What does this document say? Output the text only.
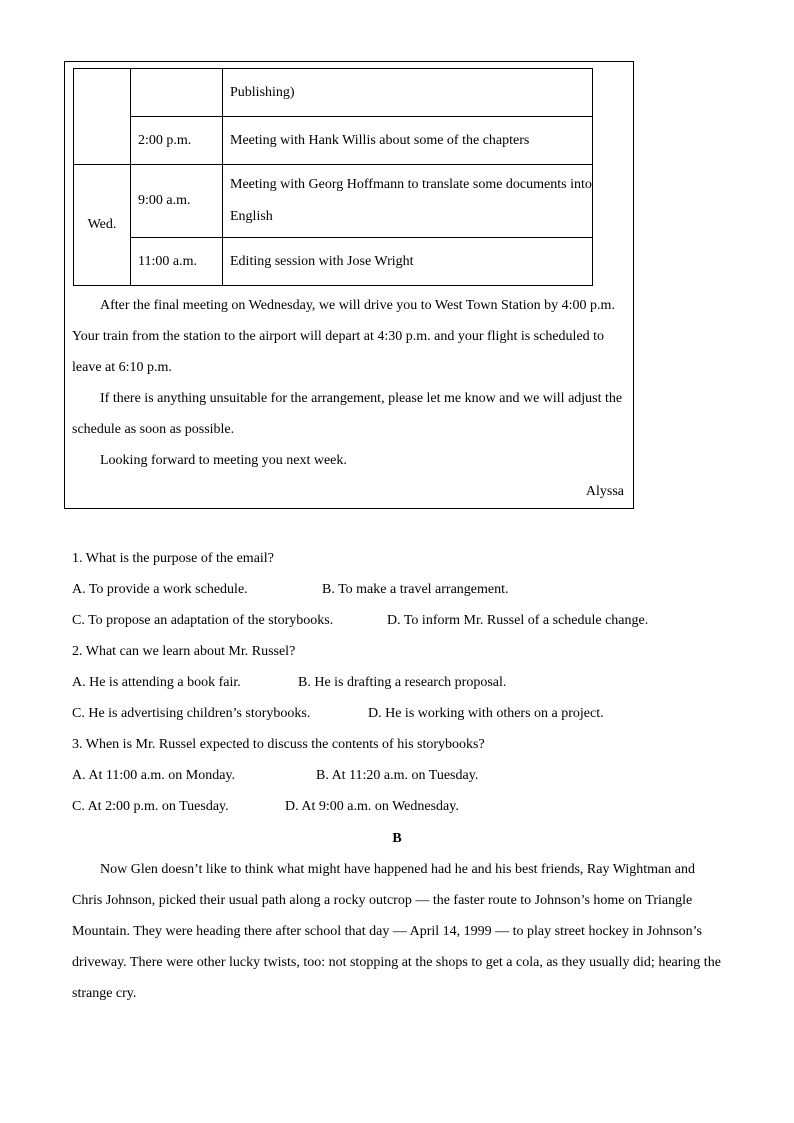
		Publishing)
	2:00 p.m.	Meeting with Hank Willis about some of the chapters
Wed.	9:00 a.m.	Meeting with Georg Hoffmann to translate some documents into English
	11:00 a.m.	Editing session with Jose Wright

After the final meeting on Wednesday, we will drive you to West Town Station by 4:00 p.m. Your train from the station to the airport will depart at 4:30 p.m. and your flight is scheduled to leave at 6:10 p.m.

If there is anything unsuitable for the arrangement, please let me know and we will adjust the schedule as soon as possible.

Looking forward to meeting you next week.

Alyssa

1. What is the purpose of the email?

A. To provide a work schedule.	B. To make a travel arrangement.

C. To propose an adaptation of the storybooks.	D. To inform Mr. Russel of a schedule change.

2. What can we learn about Mr. Russel?

A. He is attending a book fair.	B. He is drafting a research proposal.

C. He is advertising children’s storybooks.	D. He is working with others on a project.

3. When is Mr. Russel expected to discuss the contents of his storybooks?

A. At 11:00 a.m. on Monday.	B. At 11:20 a.m. on Tuesday.

C. At 2:00 p.m. on Tuesday.	D. At 9:00 a.m. on Wednesday.

B

Now Glen doesn’t like to think what might have happened had he and his best friends, Ray Wightman and Chris Johnson, picked their usual path along a rocky outcrop — the faster route to Johnson’s home on Triangle Mountain. They were heading there after school that day — April 14, 1999 — to play street hockey in Johnson’s driveway. There were other lucky twists, too: not stopping at the shops to get a cola, as they usually did; hearing the strange cry.
